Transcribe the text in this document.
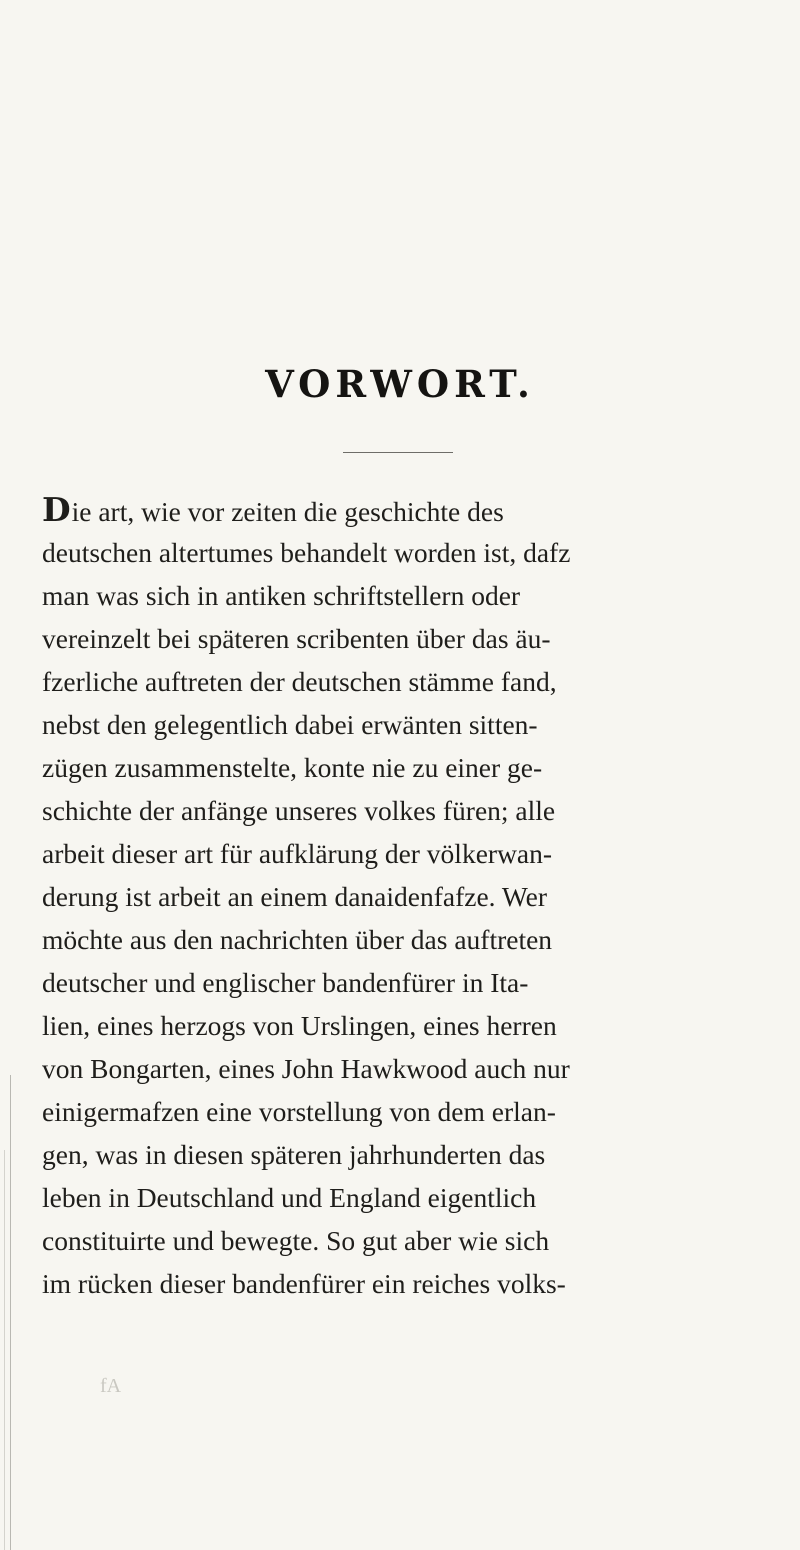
VORWORT.
Die art, wie vor zeiten die geschichte des
deutschen altertumes behandelt worden ist, dafz
man was sich in antiken schriftstellern oder
vereinzelt bei späteren scribenten über das äu-
fzerliche auftreten der deutschen stämme fand,
nebst den gelegentlich dabei erwänten sitten-
zügen zusammenstelte, konte nie zu einer ge-
schichte der anfänge unseres volkes füren; alle
arbeit dieser art für aufklärung der völkerwan-
derung ist arbeit an einem danaidenfafze. Wer
möchte aus den nachrichten über das auftreten
deutscher und englischer bandenfürer in Ita-
lien, eines herzogs von Urslingen, eines herren
von Bongarten, eines John Hawkwood auch nur
einigermafzen eine vorstellung von dem erlan-
gen, was in diesen späteren jahrhunderten das
leben in Deutschland und England eigentlich
constituirte und bewegte. So gut aber wie sich
im rücken dieser bandenfürer ein reiches volks-
fA
